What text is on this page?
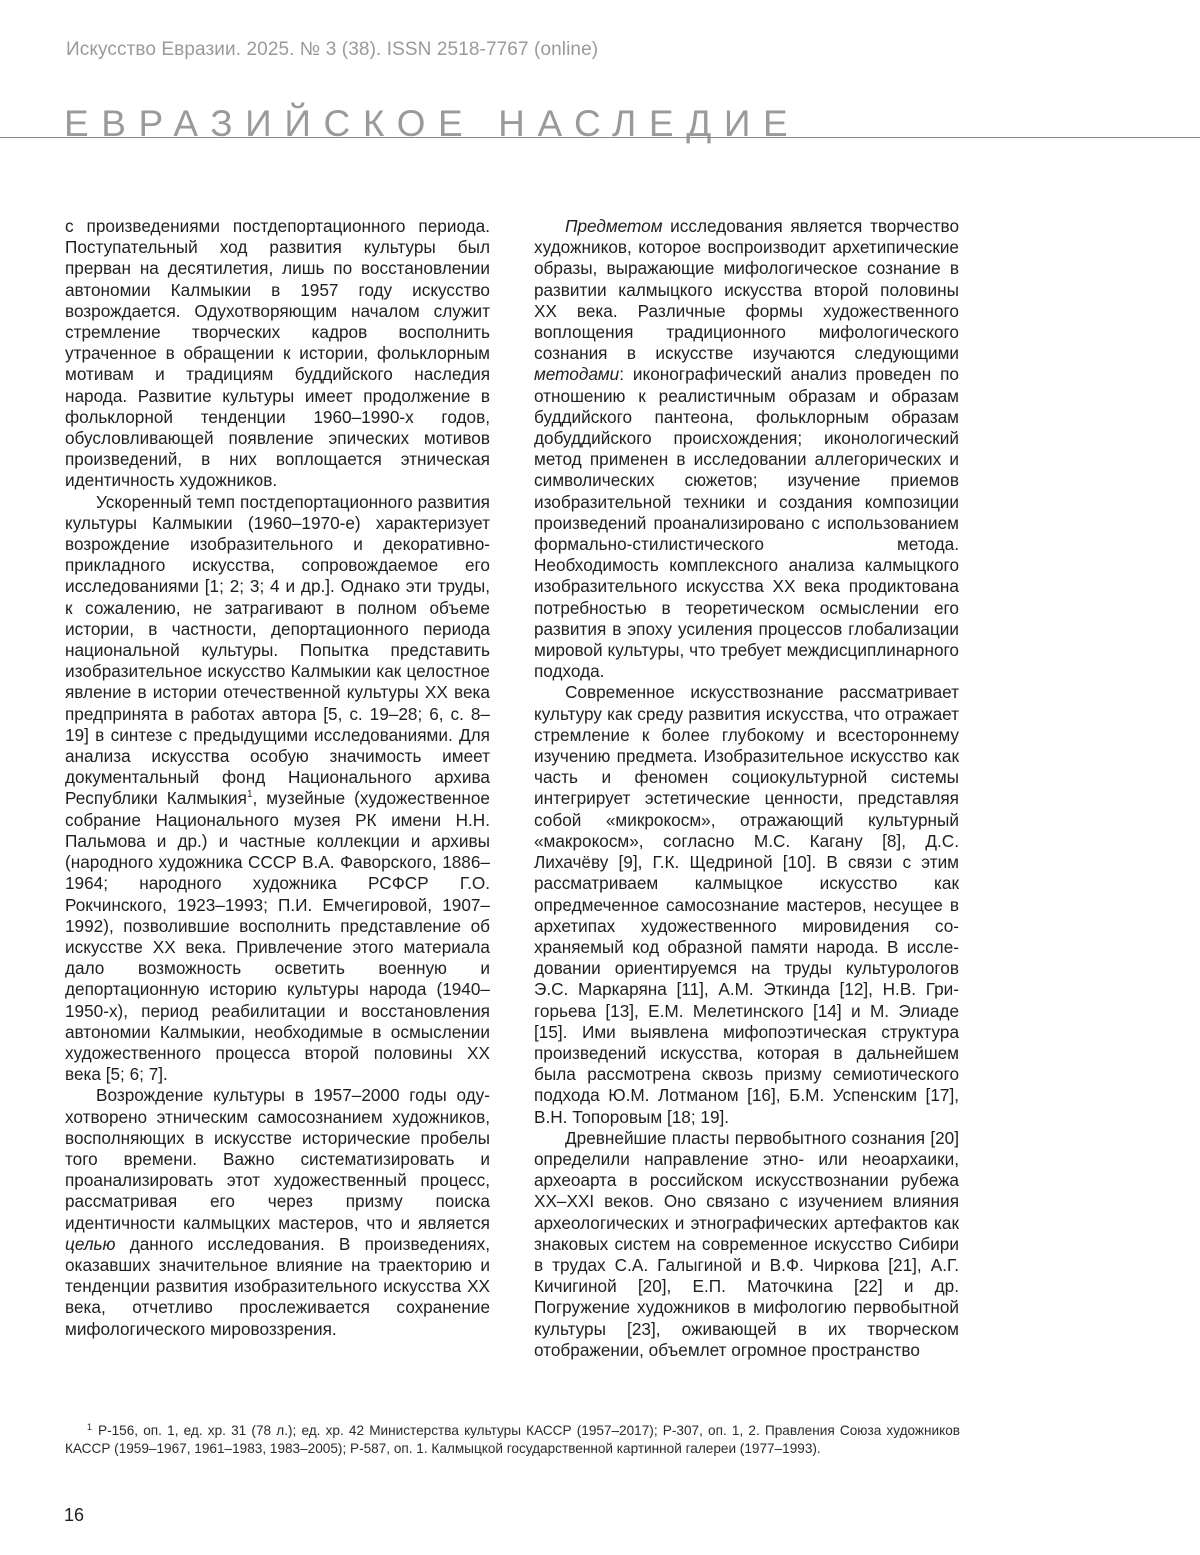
Искусство Евразии. 2025. № 3 (38). ISSN 2518-7767 (online)
ЕВРАЗИЙСКОЕ НАСЛЕДИЕ

с произведениями постдепортационного периода. Поступательный ход развития культуры был прерван на десятилетия, лишь по восстановлении автономии Калмыкии в 1957 году искусство возрождается. Одухотворяющим началом служит стремление творческих кадров восполнить утраченное в обращении к истории, фольклорным мотивам и традициям буддийского наследия народа. Развитие культуры имеет продолжение в фольклорной тенденции 1960–1990-х годов, обусловливающей появление эпических мотивов произведений, в них воплощается этническая идентичность художников.

Ускоренный темп постдепортационного развития культуры Калмыкии (1960–1970-е) характеризует возрождение изобразительного и декоративно-прикладного искусства, сопровождаемое его исследованиями [1; 2; 3; 4 и др.]. Однако эти труды, к сожалению, не затрагивают в полном объеме истории, в частности, депортационного периода национальной культуры. Попытка представить изобразительное искусство Калмыкии как целостное явление в истории отечественной культуры XX века предпринята в работах автора [5, с. 19–28; 6, с. 8–19] в синтезе с предыдущими исследованиями. Для анализа искусства особую значимость имеет документальный фонд Национального архива Республики Калмыкия$^1$, музейные (художественное собрание Национального музея РК имени Н.Н. Пальмова и др.) и частные коллекции и архивы (народного художника СССР В.А. Фаворского, 1886–1964; народного художника РСФСР Г.О. Рокчинского, 1923–1993; П.И. Емчегировой, 1907–1992), позволившие восполнить представление об искусстве XX века. Привлечение этого материала дало возможность осветить военную и депортационную историю культуры народа (1940–1950-х), период реабилитации и восстановления автономии Калмыкии, необходимые в осмыслении художественного процесса второй половины XX века [5; 6; 7].

Возрождение культуры в 1957–2000 годы одухотворено этническим самосознанием художников, восполняющих в искусстве исторические пробелы того времени. Важно систематизировать и проанализировать этот художественный процесс, рассматривая его через призму поиска идентичности калмыцких мастеров, что и является целью данного исследования. В произведениях, оказавших значительное влияние на траекторию и тенденции развития изобразительного искусства XX века, отчетливо прослеживается сохранение мифологического мировоззрения.

Предметом исследования является творчество художников, которое воспроизводит архетипические образы, выражающие мифологическое сознание в развитии калмыцкого искусства второй половины XX века. Различные формы художественного воплощения традиционного мифологического сознания в искусстве изучаются следующими методами: иконографический анализ проведен по отношению к реалистичным образам и образам буддийского пантеона, фольклорным образам добуддийского происхождения; иконологический метод применен в исследовании аллегорических и символических сюжетов; изучение приемов изобразительной техники и создания композиции произведений проанализировано с использованием формально-стилистического метода. Необходимость комплексного анализа калмыцкого изобразительного искусства XX века продиктована потребностью в теоретическом осмыслении его развития в эпоху усиления процессов глобализации мировой культуры, что требует междисциплинарного подхода.

Современное искусствознание рассматривает культуру как среду развития искусства, что отражает стремление к более глубокому и всестороннему изучению предмета. Изобразительное искусство как часть и феномен социокультурной системы интегрирует эстетические ценности, представляя собой «микрокосм», отражающий культурный «макрокосм», согласно М.С. Кагану [8], Д.С. Лихачёву [9], Г.К. Щедриной [10]. В связи с этим рассматриваем калмыцкое искусство как опредмеченное самосознание мастеров, несущее в архетипах художественного мировидения сохраняемый код образной памяти народа. В исследовании ориентируемся на труды культурологов Э.С. Маркаряна [11], А.М. Эткинда [12], Н.В. Григорьева [13], Е.М. Мелетинского [14] и М. Элиаде [15]. Ими выявлена мифопоэтическая структура произведений искусства, которая в дальнейшем была рассмотрена сквозь призму семиотического подхода Ю.М. Лотманом [16], Б.М. Успенским [17], В.Н. Топоровым [18; 19].

Древнейшие пласты первобытного сознания [20] определили направление этно- или неоархаики, археоарта в российском искусствознании рубежа XX–XXI веков. Оно связано с изучением влияния археологических и этнографических артефактов как знаковых систем на современное искусство Сибири в трудах С.А. Галыгиной и В.Ф. Чиркова [21], А.Г. Кичигиной [20], Е.П. Маточкина [22] и др. Погружение художников в мифологию первобытной культуры [23], оживающей в их творческом отображении, объемлет огромное пространство

$^1$ Р-156, оп. 1, ед. хр. 31 (78 л.); ед. хр. 42 Министерства культуры КАССР (1957–2017); Р-307, оп. 1, 2. Правления Союза художников КАССР (1959–1967, 1961–1983, 1983–2005); Р-587, оп. 1. Калмыцкой государственной картинной галереи (1977–1993).
16
